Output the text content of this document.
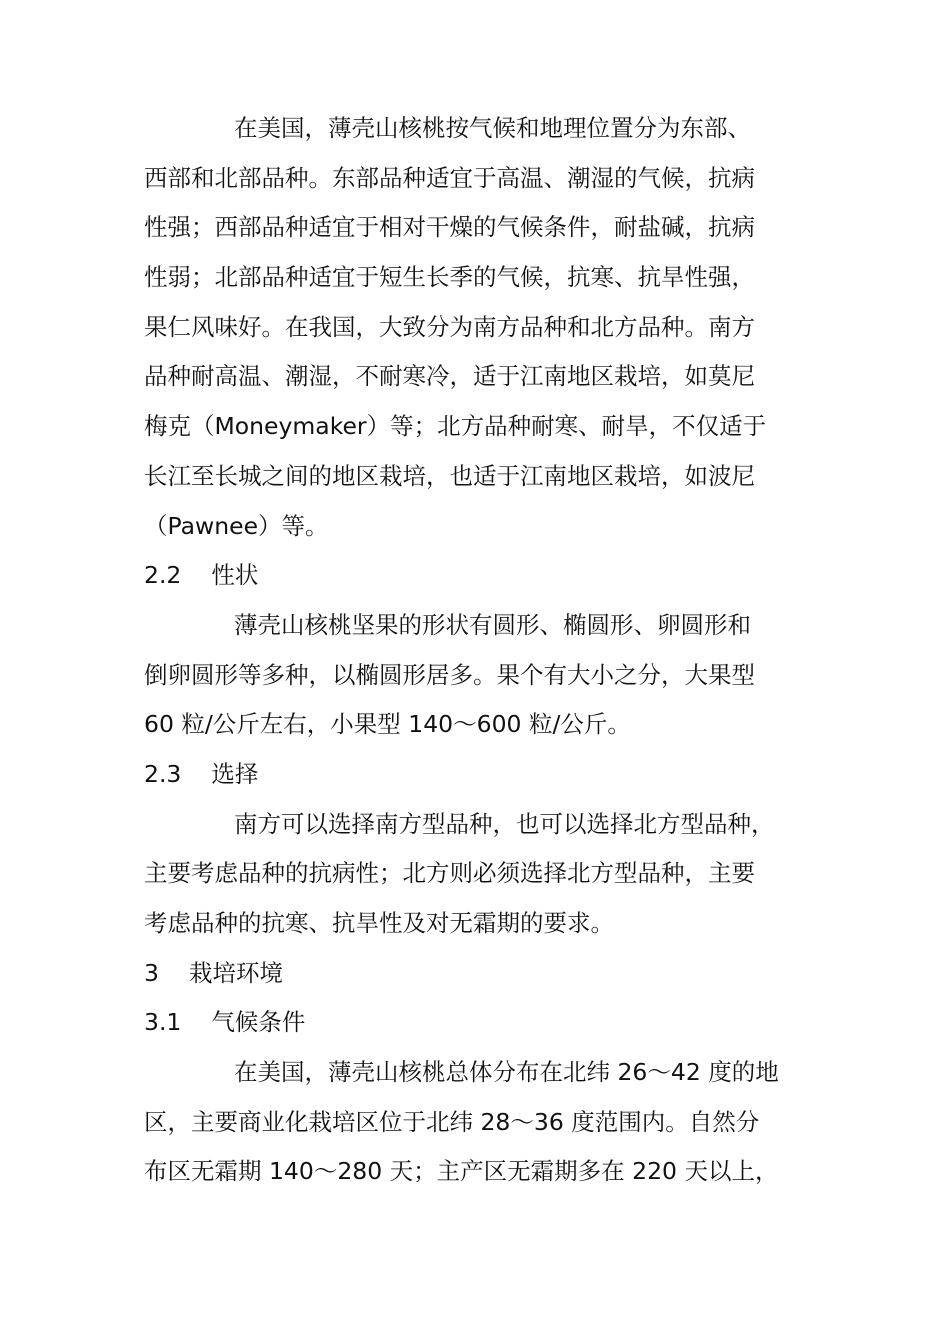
在美国，薄壳山核桃按气候和地理位置分为东部、
西部和北部品种。东部品种适宜于高温、潮湿的气候，抗病
性强；西部品种适宜于相对干燥的气候条件，耐盐碱，抗病
性弱；北部品种适宜于短生长季的气候，抗寒、抗旱性强，
果仁风味好。在我国，大致分为南方品种和北方品种。南方
品种耐高温、潮湿，不耐寒冷，适于江南地区栽培，如莫尼
梅克（Moneymaker）等；北方品种耐寒、耐旱，不仅适于
长江至长城之间的地区栽培，也适于江南地区栽培，如波尼
（Pawnee）等。
2.2 性状
薄壳山核桃坚果的形状有圆形、椭圆形、卵圆形和
倒卵圆形等多种，以椭圆形居多。果个有大小之分，大果型
60 粒/公斤左右，小果型 140～600 粒/公斤。
2.3 选择
南方可以选择南方型品种，也可以选择北方型品种，
主要考虑品种的抗病性；北方则必须选择北方型品种，主要
考虑品种的抗寒、抗旱性及对无霜期的要求。
3 栽培环境
3.1 气候条件
在美国，薄壳山核桃总体分布在北纬 26～42 度的地
区，主要商业化栽培区位于北纬 28～36 度范围内。自然分
布区无霜期 140～280 天；主产区无霜期多在 220 天以上，
